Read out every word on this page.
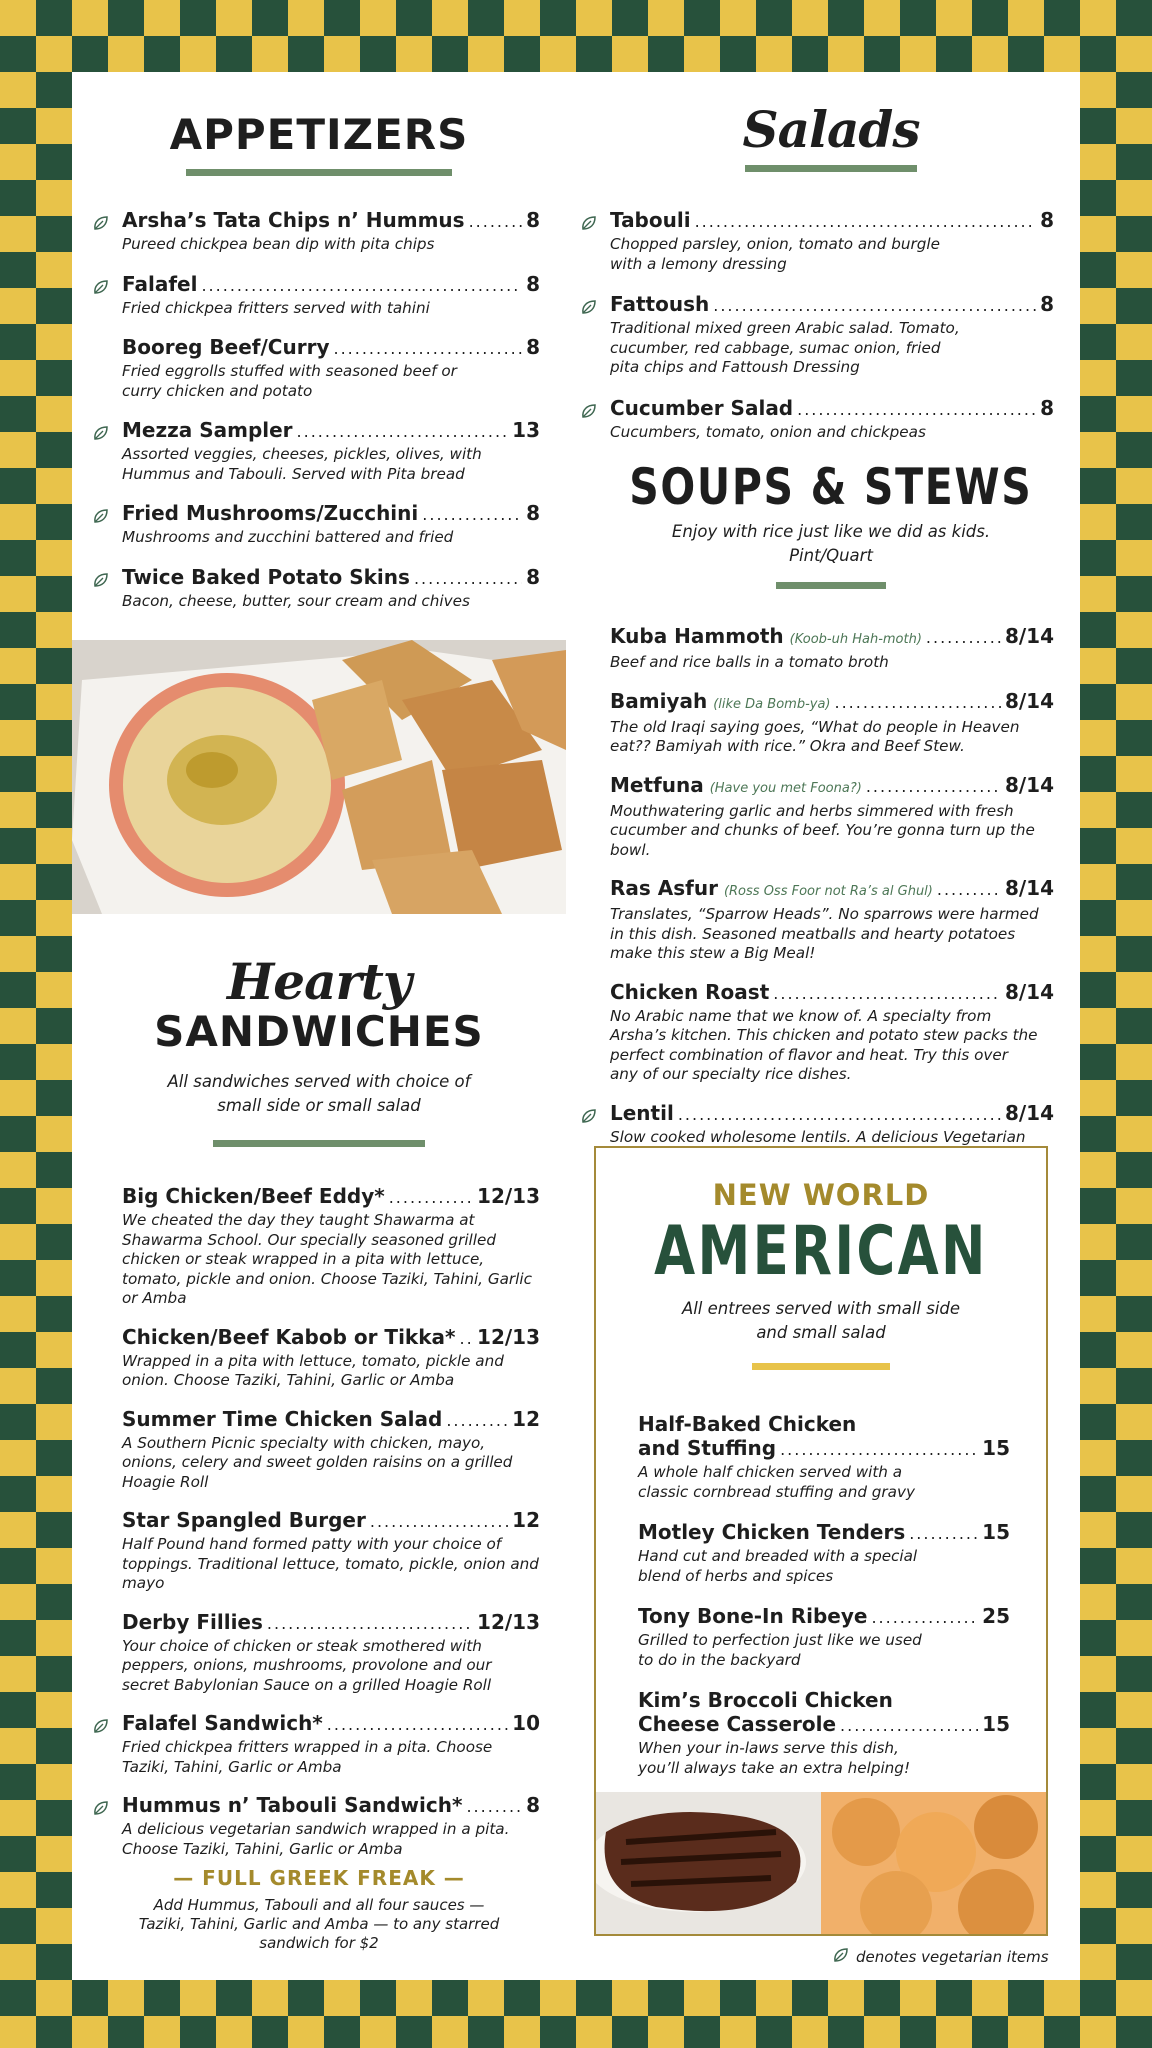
APPETIZERS
Arsha’s Tata Chips n’ Hummus .....	8
Pureed chickpea bean dip with pita chips
Falafel .....	8
Fried chickpea fritters served with tahini
Booreg Beef/Curry .....	8
Fried eggrolls stuffed with seasoned beef or curry chicken and potato
Mezza Sampler .....	13
Assorted veggies, cheeses, pickles, olives, with Hummus and Tabouli. Served with Pita bread
Fried Mushrooms/Zucchini .....	8
Mushrooms and zucchini battered and fried
Twice Baked Potato Skins .....	8
Bacon, cheese, butter, sour cream and chives
Hearty
SANDWICHES
All sandwiches served with choice of small side or small salad
Big Chicken/Beef Eddy* .....	12/13
We cheated the day they taught Shawarma at Shawarma School. Our specially seasoned grilled chicken or steak wrapped in a pita with lettuce, tomato, pickle and onion. Choose Taziki, Tahini, Garlic or Amba
Chicken/Beef Kabob or Tikka* ..... 12/13
Wrapped in a pita with lettuce, tomato, pickle and onion. Choose Taziki, Tahini, Garlic or Amba
Summer Time Chicken Salad .....	12
A Southern Picnic specialty with chicken, mayo, onions, celery and sweet golden raisins on a grilled Hoagie Roll
Star Spangled Burger .....	12
Half Pound hand formed patty with your choice of toppings. Traditional lettuce, tomato, pickle, onion and mayo
Derby Fillies .....	12/13
Your choice of chicken or steak smothered with peppers, onions, mushrooms, provolone and our secret Babylonian Sauce on a grilled Hoagie Roll
Falafel Sandwich* .....	10
Fried chickpea fritters wrapped in a pita. Choose Taziki, Tahini, Garlic or Amba
Hummus n’ Tabouli Sandwich* .....	8
A delicious vegetarian sandwich wrapped in a pita. Choose Taziki, Tahini, Garlic or Amba
— FULL GREEK FREAK —
Add Hummus, Tabouli and all four sauces — Taziki, Tahini, Garlic and Amba — to any starred sandwich for $2
Salads
Tabouli .....	8
Chopped parsley, onion, tomato and burgle with a lemony dressing
Fattoush .....	8
Traditional mixed green Arabic salad. Tomato, cucumber, red cabbage, sumac onion, fried pita chips and Fattoush Dressing
Cucumber Salad .....	8
Cucumbers, tomato, onion and chickpeas
SOUPS & STEWS
Enjoy with rice just like we did as kids. Pint/Quart
Kuba Hammoth (Koob-uh Hah-moth) .....	8/14
Beef and rice balls in a tomato broth
Bamiyah (like Da Bomb-ya) .....	8/14
The old Iraqi saying goes, “What do people in Heaven eat?? Bamiyah with rice.” Okra and Beef Stew.
Metfuna (Have you met Foona?) .....	8/14
Mouthwatering garlic and herbs simmered with fresh cucumber and chunks of beef. You’re gonna turn up the bowl.
Ras Asfur (Ross Oss Foor not Ra’s al Ghul) .....	8/14
Translates, “Sparrow Heads”. No sparrows were harmed in this dish. Seasoned meatballs and hearty potatoes make this stew a Big Meal!
Chicken Roast .....	8/14
No Arabic name that we know of. A specialty from Arsha’s kitchen. This chicken and potato stew packs the perfect combination of flavor and heat. Try this over any of our specialty rice dishes.
Lentil .....	8/14
Slow cooked wholesome lentils. A delicious Vegetarian
NEW WORLD
AMERICAN
All entrees served with small side and small salad
Half-Baked Chicken
and Stuffing .....	15
A whole half chicken served with a classic cornbread stuffing and gravy
Motley Chicken Tenders .....	15
Hand cut and breaded with a special blend of herbs and spices
Tony Bone-In Ribeye .....	25
Grilled to perfection just like we used to do in the backyard
Kim’s Broccoli Chicken
Cheese Casserole .....	15
When your in-laws serve this dish, you’ll always take an extra helping!
denotes vegetarian items
